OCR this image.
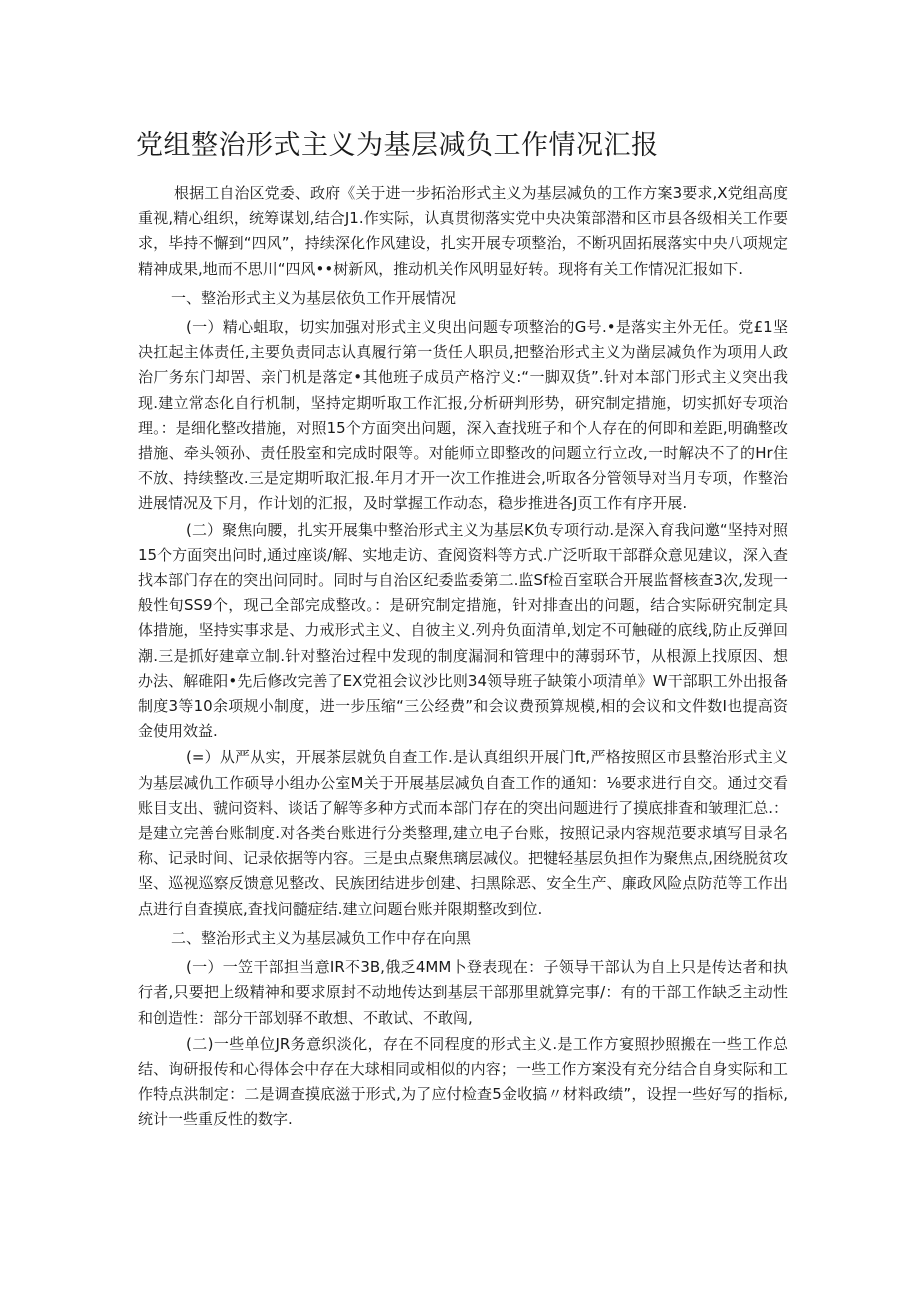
党组整治形式主义为基层减负工作情况汇报

根据工自治区党委、政府《关于进一步拓治形式主义为基层减负的工作方案3要求,X党组高度重视,精心组织，统筹谋划,结合J1.作实际，认真贯彻落实党中央决策部潜和区市县各级相关工作要求，毕持不懈到“四风”，持续深化作风建设，扎实开展专项整治，不断巩固拓展落实中央八项规定精神成果,地而不思川“四风••树新风，推动机关作风明显好转。现将有关工作情况汇报如下.

一、整治形式主义为基层依负工作开展情况

(一）精心蛆取，切实加强对形式主义臾出问题专项整治的G号.•是落实主外无任。党£1坚决扛起主体责任,主要负责同志认真履行第一货任人职员,把整治形式主义为凿层减负作为项用人政治厂务东门却罟、亲门机是落定•其他班子成员产格泞义:“一脚双货”.针对本部门形式主义突出我现.建立常态化自行机制，坚持定期听取工作汇报,分析研判形势，研究制定措施，切实抓好专项治理。：是细化整改措施，对照15个方面突出问题，深入查找班子和个人存在的何即和差距,明确整改措施、牵头领孙、责任股室和完成时限等。对能师立即整改的问题立行立改,一时解决不了的Hr住不放、持续整改.三是定期听取汇报.年月才开一次工作推进会,听取各分管领导对当月专项，作整治进展情况及下月，作计划的汇报，及时掌握工作动态，稳步推进各J页工作有序开展.

(二）聚焦向腰，扎实开展集中整治形式主义为基层K负专项行动.是深入育我问邀“坚持对照15个方面突出问时,通过座谈/解、实地走访、査阅资料等方式.广泛听取干部群众意见建议，深入查找本部门存在的突出问同时。同时与自治区纪委监委第二.监Sf检百室联合开展监督核查3次,发现一般性旬SS9个，现己全部完成整改。：是研究制定措施，针对排查出的问题，结合实际研究制定具体措施，坚持实事求是、力戒形式主义、自彼主义.列舟负面清单,划定不可触碰的底线,防止反弹回潮.三是抓好建章立制.针对整治过程中发现的制度漏洞和管理中的薄弱环节，从根源上找原因、想办法、解碓阳•先后修改完善了EX党祖会议沙比则34领导班子缺策小项清单》W干部职工外出报备制度3等10余项规小制度，进一步压缩“三公经费”和会议费预算规模,相的会议和文件数I也提高资金使用效益.

(=）从严从实，开展茶层就负自查工作.是认真组织开展门ft,严格按照区市县整治形式主义为基层减仇工作硕导小组办公室M关于开展基层减负自査工作的通知：⅛要求进行自交。通过交看账目支出、虢问资料、谈话了解等多种方式而本部门存在的突出问题进行了摸底排査和皱理汇总.：是建立完善台账制度.对各类台账进行分类整理,建立电子台账，按照记录内容规范要求填写目录名称、记录时间、记录依据等内容。三是虫点聚焦璃层减仪。把犍轻基层负担作为聚焦点,困绕脱贫攻坚、巡视巡察反馈意见整改、民族团结进步创建、扫黑除恶、安全生产、廉政风险点防范等工作出点进行自査摸底,査找问髓症结.建立问题台账并限期整改到位.

二、整治形式主义为基层减负工作中存在向黑

(一）一笠干部担当意IR不3B,俄乏4MM卜登表现在：子领导干部认为自上只是传达者和执行者,只要把上级精神和要求原封不动地传达到基层干部那里就算完事/：有的干部工作缺乏主动性和创造性：部分干部划驿不敢想、不敢试、不敢闯,

(二)一些单位JR务意织淡化，存在不同程度的形式主义.是工作方宴照抄照搬在一些工作总结、询研报传和心得体会中存在大球相同或相似的内容；一些工作方案没有充分结合自身实际和工作特点洪制定：二是调查摸底滋于形式,为了应付检查5金收搞〃材料政绩”，设捏一些好写的指标,统计一些重反性的数字.
